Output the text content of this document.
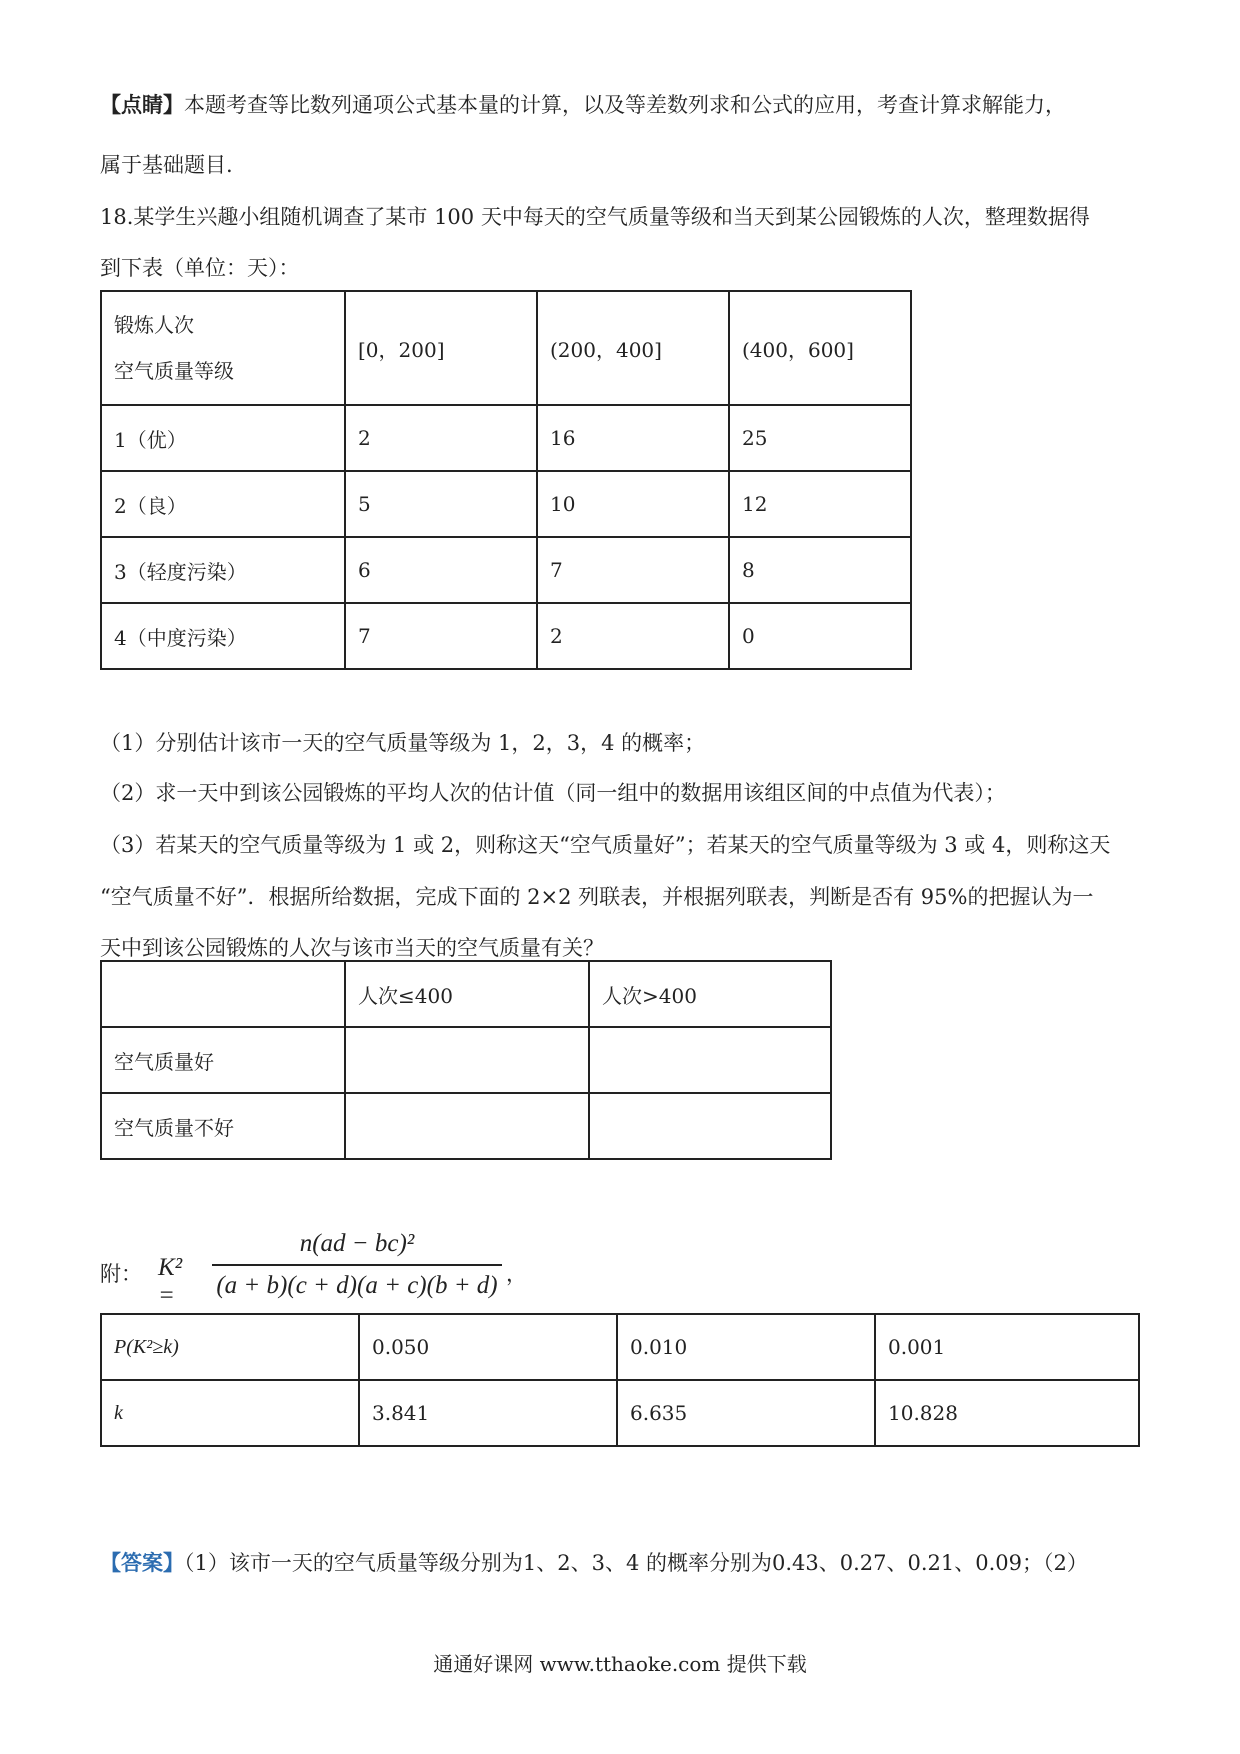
【点睛】本题考查等比数列通项公式基本量的计算，以及等差数列求和公式的应用，考查计算求解能力，
属于基础题目.
18.某学生兴趣小组随机调查了某市 100 天中每天的空气质量等级和当天到某公园锻炼的人次，整理数据得
到下表（单位：天）：
锻炼人次
空气质量等级	[0，200]	(200，400]	(400，600]
1（优）	2	16	25
2（良）	5	10	12
3（轻度污染）	6	7	8
4（中度污染）	7	2	0
（1）分别估计该市一天的空气质量等级为 1，2，3，4 的概率；
（2）求一天中到该公园锻炼的平均人次的估计值（同一组中的数据用该组区间的中点值为代表）；
（3）若某天的空气质量等级为 1 或 2，则称这天“空气质量好”；若某天的空气质量等级为 3 或 4，则称这天
“空气质量不好”．根据所给数据，完成下面的 2×2 列联表，并根据列联表，判断是否有 95%的把握认为一
天中到该公园锻炼的人次与该市当天的空气质量有关？
	人次≤400	人次>400
空气质量好		
空气质量不好		
附： K² =
n(ad − bc)²
(a + b)(c + d)(a + c)(b + d) ，
P(K²≥k)	0.050	0.010	0.001
k	3.841	6.635	10.828
【答案】（1）该市一天的空气质量等级分别为1、2、3、4 的概率分别为0.43、0.27、0.21、0.09；（2）
通通好课网 www.tthaoke.com 提供下载
